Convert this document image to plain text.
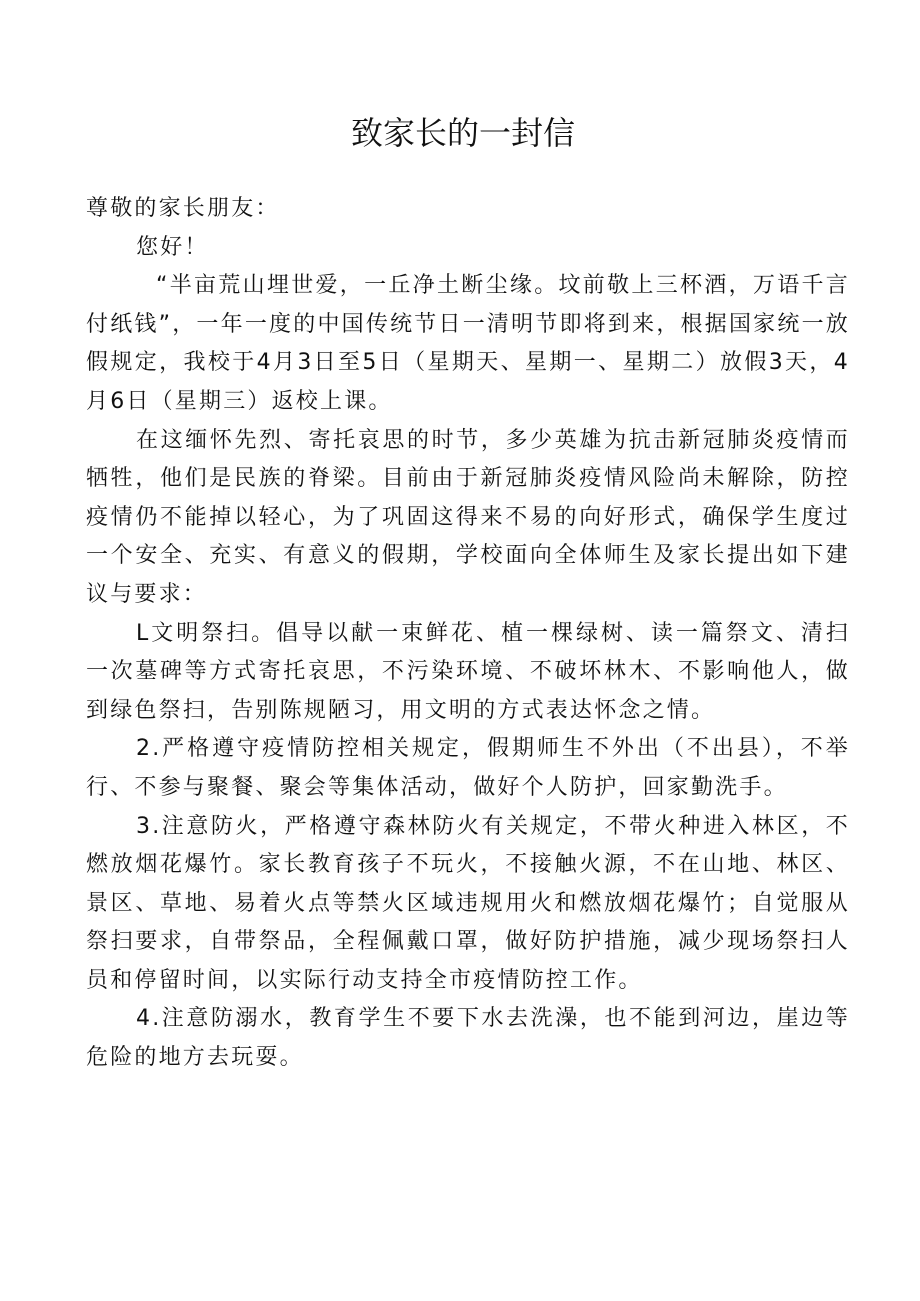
致家长的一封信

尊敬的家长朋友：

您好！

“半亩荒山埋世爱，一丘净土断尘缘。坟前敬上三杯酒，万语千言付纸钱”，一年一度的中国传统节日一清明节即将到来，根据国家统一放假规定，我校于4月3日至5日（星期天、星期一、星期二）放假3天，4月6日（星期三）返校上课。

在这缅怀先烈、寄托哀思的时节，多少英雄为抗击新冠肺炎疫情而牺牲，他们是民族的脊梁。目前由于新冠肺炎疫情风险尚未解除，防控疫情仍不能掉以轻心，为了巩固这得来不易的向好形式，确保学生度过一个安全、充实、有意义的假期，学校面向全体师生及家长提出如下建议与要求：

L文明祭扫。倡导以献一束鲜花、植一棵绿树、读一篇祭文、清扫一次墓碑等方式寄托哀思，不污染环境、不破坏林木、不影响他人，做到绿色祭扫，告别陈规陋习，用文明的方式表达怀念之情。

2.严格遵守疫情防控相关规定，假期师生不外出（不出县），不举行、不参与聚餐、聚会等集体活动，做好个人防护，回家勤洗手。

3.注意防火，严格遵守森林防火有关规定，不带火种进入林区，不燃放烟花爆竹。家长教育孩子不玩火，不接触火源，不在山地、林区、景区、草地、易着火点等禁火区域违规用火和燃放烟花爆竹；自觉服从祭扫要求，自带祭品，全程佩戴口罩，做好防护措施，减少现场祭扫人员和停留时间，以实际行动支持全市疫情防控工作。

4.注意防溺水，教育学生不要下水去洗澡，也不能到河边，崖边等危险的地方去玩耍。
